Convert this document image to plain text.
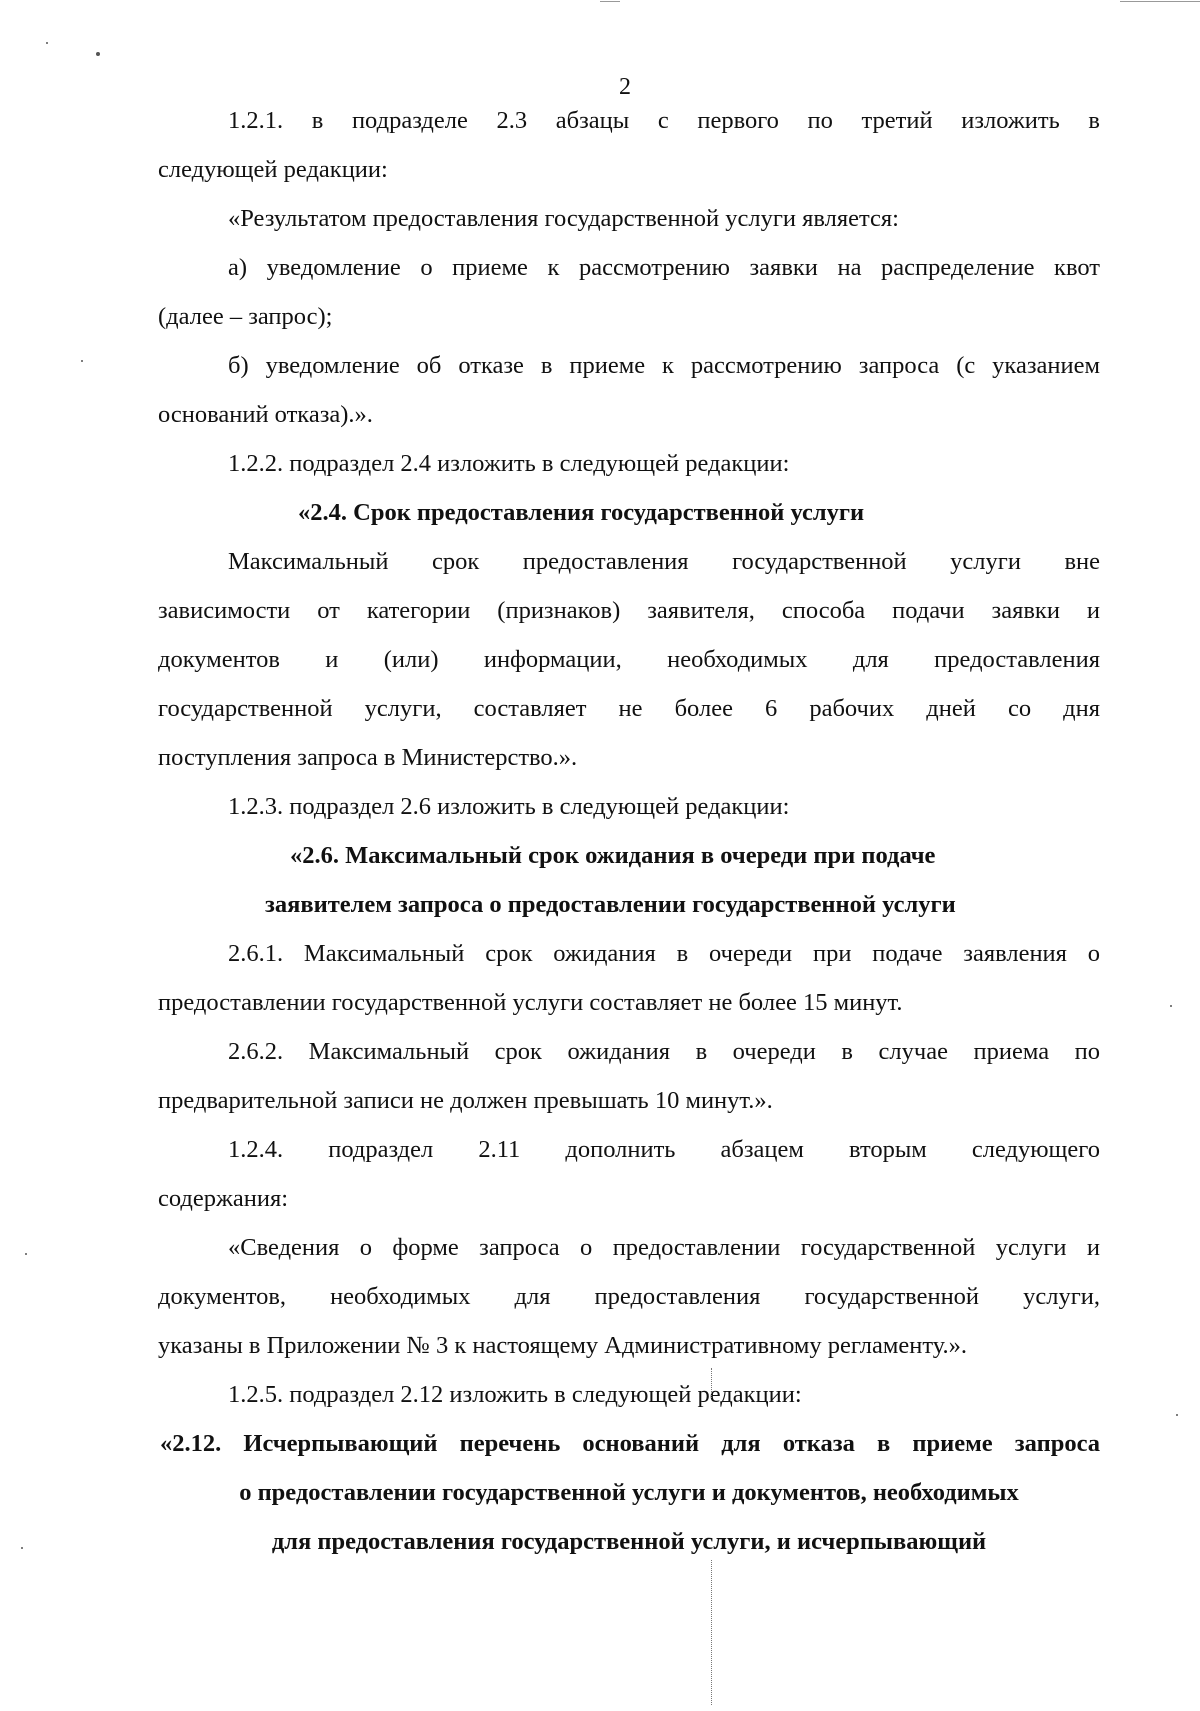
2
1.2.1. в подразделе 2.3 абзацы с первого по третий изложить в
следующей редакции:
«Результатом предоставления государственной услуги является:
а) уведомление о приеме к рассмотрению заявки на распределение квот
(далее – запрос);
б) уведомление об отказе в приеме к рассмотрению запроса (с указанием
оснований отказа).».
1.2.2. подраздел 2.4 изложить в следующей редакции:
«2.4. Срок предоставления государственной услуги
Максимальный срок предоставления государственной услуги вне
зависимости от категории (признаков) заявителя, способа подачи заявки и
документов и (или) информации, необходимых для предоставления
государственной услуги, составляет не более 6 рабочих дней со дня
поступления запроса в Министерство.».
1.2.3. подраздел 2.6 изложить в следующей редакции:
«2.6. Максимальный срок ожидания в очереди при подаче
заявителем запроса о предоставлении государственной услуги
2.6.1. Максимальный срок ожидания в очереди при подаче заявления о
предоставлении государственной услуги составляет не более 15 минут.
2.6.2. Максимальный срок ожидания в очереди в случае приема по
предварительной записи не должен превышать 10 минут.».
1.2.4. подраздел 2.11 дополнить абзацем вторым следующего
содержания:
«Сведения о форме запроса о предоставлении государственной услуги и
документов, необходимых для предоставления государственной услуги,
указаны в Приложении № 3 к настоящему Административному регламенту.».
1.2.5. подраздел 2.12 изложить в следующей редакции:
«2.12. Исчерпывающий перечень оснований для отказа в приеме запроса
о предоставлении государственной услуги и документов, необходимых
для предоставления государственной услуги, и исчерпывающий
